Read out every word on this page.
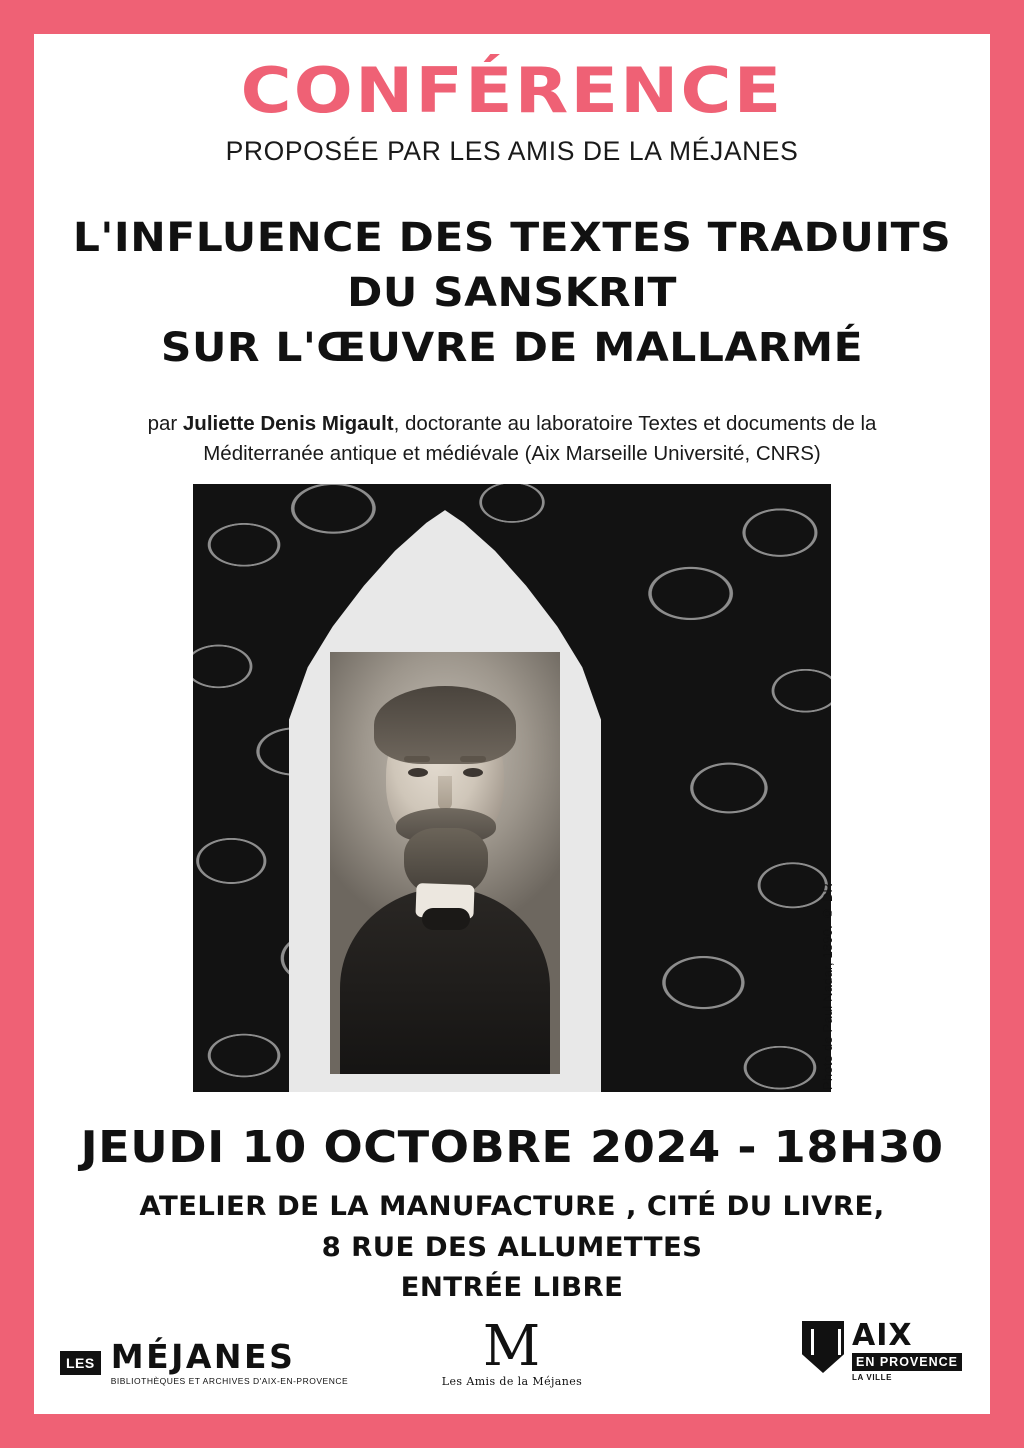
CONFÉRENCE
PROPOSÉE PAR LES AMIS DE LA MÉJANES
L'INFLUENCE DES TEXTES TRADUITS
DU SANSKRIT
SUR L'ŒUVRE DE MALLARMÉ
par Juliette Denis Migault, doctorante au laboratoire Textes et documents de la Méditerranée antique et médiévale (Aix Marseille Université, CNRS)
Photo de Paul Nadar, 1890. © DR
JEUDI 10 OCTOBRE 2024 - 18H30
ATELIER DE LA MANUFACTURE , CITÉ DU LIVRE,
8 RUE DES ALLUMETTES
ENTRÉE LIBRE
LES MÉJANES
BIBLIOTHÈQUES ET ARCHIVES D'AIX-EN-PROVENCE
M
Les Amis de la Méjanes
AIX
EN PROVENCE
LA VILLE
